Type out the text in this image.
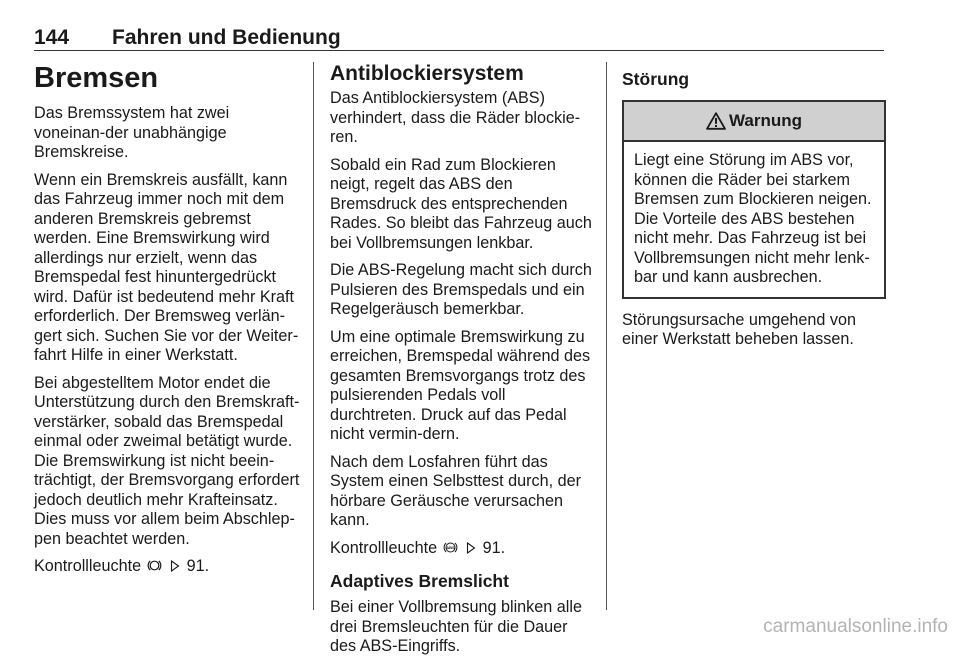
144 Fahren und Bedienung
Bremsen

Das Bremssystem hat zwei voneinan-der unabhängige Bremskreise.

Wenn ein Bremskreis ausfällt, kann das Fahrzeug immer noch mit dem anderen Bremskreis gebremst werden. Eine Bremswirkung wird allerdings nur erzielt, wenn das Bremspedal fest hinuntergedrückt wird. Dafür ist bedeutend mehr Kraft erforderlich. Der Bremsweg verlän-gert sich. Suchen Sie vor der Weiter-fahrt Hilfe in einer Werkstatt.

Bei abgestelltem Motor endet die Unterstützung durch den Bremskraft-verstärker, sobald das Bremspedal einmal oder zweimal betätigt wurde. Die Bremswirkung ist nicht beein-trächtigt, der Bremsvorgang erfordert jedoch deutlich mehr Krafteinsatz. Dies muss vor allem beim Abschlep-pen beachtet werden.

Kontrollleuchte	91.

Antiblockiersystem

Das Antiblockiersystem (ABS) verhindert, dass die Räder blockie-ren.

Sobald ein Rad zum Blockieren neigt, regelt das ABS den Bremsdruck des entsprechenden Rades. So bleibt das Fahrzeug auch bei Vollbremsungen lenkbar.

Die ABS-Regelung macht sich durch Pulsieren des Bremspedals und ein Regelgeräusch bemerkbar.

Um eine optimale Bremswirkung zu erreichen, Bremspedal während des gesamten Bremsvorgangs trotz des pulsierenden Pedals voll durchtreten. Druck auf das Pedal nicht vermin-dern.

Nach dem Losfahren führt das System einen Selbsttest durch, der hörbare Geräusche verursachen kann.

Kontrollleuchte ABS 91.

Adaptives Bremslicht

Bei einer Vollbremsung blinken alle drei Bremsleuchten für die Dauer des ABS-Eingriffs.

Störung
Warnung
Liegt eine Störung im ABS vor, können die Räder bei starkem Bremsen zum Blockieren neigen. Die Vorteile des ABS bestehen nicht mehr. Das Fahrzeug ist bei Vollbremsungen nicht mehr lenk-bar und kann ausbrechen.

Störungsursache umgehend von einer Werkstatt beheben lassen.

carmanualsonline.info
